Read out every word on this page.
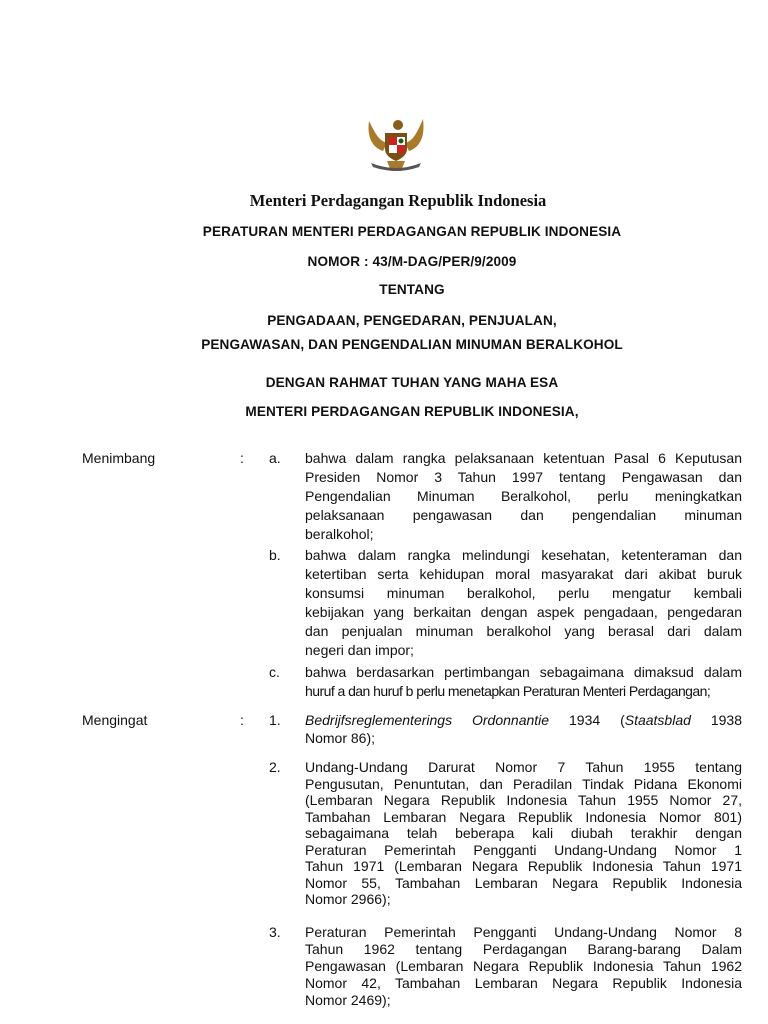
Menteri Perdagangan Republik Indonesia
PERATURAN MENTERI PERDAGANGAN REPUBLIK INDONESIA
NOMOR : 43/M-DAG/PER/9/2009
TENTANG
PENGADAAN, PENGEDARAN, PENJUALAN,
PENGAWASAN, DAN PENGENDALIAN MINUMAN BERALKOHOL
DENGAN RAHMAT TUHAN YANG MAHA ESA
MENTERI PERDAGANGAN REPUBLIK INDONESIA,
Menimbang	: a. bahwa dalam rangka pelaksanaan ketentuan Pasal 6 Keputusan
Presiden Nomor 3 Tahun 1997 tentang Pengawasan dan
Pengendalian Minuman Beralkohol, perlu meningkatkan
pelaksanaan pengawasan dan pengendalian minuman
beralkohol;
b. bahwa dalam rangka melindungi kesehatan, ketenteraman dan
ketertiban serta kehidupan moral masyarakat dari akibat buruk
konsumsi minuman beralkohol, perlu mengatur kembali
kebijakan yang berkaitan dengan aspek pengadaan, pengedaran
dan penjualan minuman beralkohol yang berasal dari dalam
negeri dan impor;
c. bahwa berdasarkan pertimbangan sebagaimana dimaksud dalam
huruf a dan huruf b perlu menetapkan Peraturan Menteri Perdagangan;
Mengingat	: 1. Bedrijfsreglementerings Ordonnantie 1934 (Staatsblad 1938
Nomor 86);
2. Undang-Undang Darurat Nomor 7 Tahun 1955 tentang
Pengusutan, Penuntutan, dan Peradilan Tindak Pidana Ekonomi
(Lembaran Negara Republik Indonesia Tahun 1955 Nomor 27,
Tambahan Lembaran Negara Republik Indonesia Nomor 801)
sebagaimana telah beberapa kali diubah terakhir dengan
Peraturan Pemerintah Pengganti Undang-Undang Nomor 1
Tahun 1971 (Lembaran Negara Republik Indonesia Tahun 1971
Nomor 55, Tambahan Lembaran Negara Republik Indonesia
Nomor 2966);
3. Peraturan Pemerintah Pengganti Undang-Undang Nomor 8
Tahun 1962 tentang Perdagangan Barang-barang Dalam
Pengawasan (Lembaran Negara Republik Indonesia Tahun 1962
Nomor 42, Tambahan Lembaran Negara Republik Indonesia
Nomor 2469);
